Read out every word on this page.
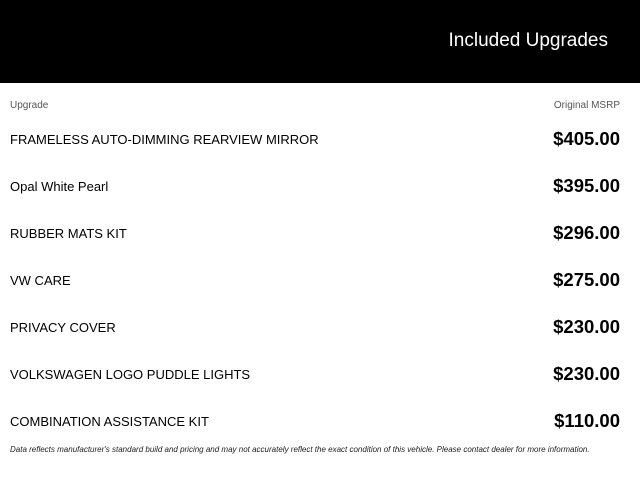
Included Upgrades
Upgrade	Original MSRP
FRAMELESS AUTO-DIMMING REARVIEW MIRROR	$405.00
Opal White Pearl	$395.00
RUBBER MATS KIT	$296.00
VW CARE	$275.00
PRIVACY COVER	$230.00
VOLKSWAGEN LOGO PUDDLE LIGHTS	$230.00
COMBINATION ASSISTANCE KIT	$110.00
Data reflects manufacturer's standard build and pricing and may not accurately reflect the exact condition of this vehicle. Please contact dealer for more information.
